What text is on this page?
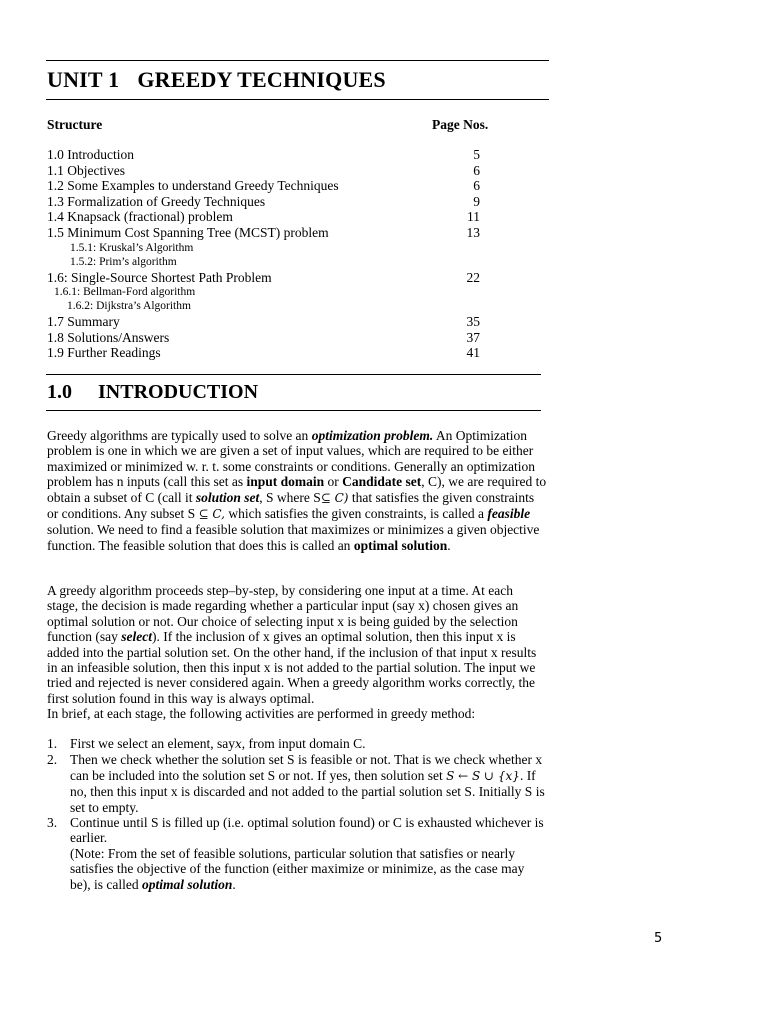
UNIT 1 GREEDY TECHNIQUES
Structure	Page Nos.
1.0 Introduction	5
1.1 Objectives	6
1.2 Some Examples to understand Greedy Techniques	6
1.3 Formalization of Greedy Techniques	9
1.4 Knapsack (fractional) problem	11
1.5 Minimum Cost Spanning Tree (MCST) problem	13
1.5.1: Kruskal’s Algorithm
1.5.2: Prim’s algorithm
1.6: Single-Source Shortest Path Problem	22
1.6.1: Bellman-Ford algorithm
1.6.2: Dijkstra’s Algorithm
1.7 Summary	35
1.8 Solutions/Answers	37
1.9 Further Readings	41
1.0 INTRODUCTION
Greedy algorithms are typically used to solve an optimization problem. An Optimization problem is one in which we are given a set of input values, which are required to be either maximized or minimized w. r. t. some constraints or conditions. Generally an optimization problem has n inputs (call this set as input domain or Candidate set, C), we are required to obtain a subset of C (call it solution set, S where S⊆ C) that satisfies the given constraints or conditions. Any subset S ⊆ C, which satisfies the given constraints, is called a feasible solution. We need to find a feasible solution that maximizes or minimizes a given objective function. The feasible solution that does this is called an optimal solution.
A greedy algorithm proceeds step–by-step, by considering one input at a time. At each stage, the decision is made regarding whether a particular input (say x) chosen gives an optimal solution or not. Our choice of selecting input x is being guided by the selection function (say select). If the inclusion of x gives an optimal solution, then this input x is added into the partial solution set. On the other hand, if the inclusion of that input x results in an infeasible solution, then this input x is not added to the partial solution. The input we tried and rejected is never considered again. When a greedy algorithm works correctly, the first solution found in this way is always optimal.
In brief, at each stage, the following activities are performed in greedy method:
1. First we select an element, sayx, from input domain C.
2. Then we check whether the solution set S is feasible or not. That is we check whether x can be included into the solution set S or not. If yes, then solution set S ← S ∪ {x}. If no, then this input x is discarded and not added to the partial solution set S. Initially S is set to empty.
3. Continue until S is filled up (i.e. optimal solution found) or C is exhausted whichever is earlier.
(Note: From the set of feasible solutions, particular solution that satisfies or nearly satisfies the objective of the function (either maximize or minimize, as the case may be), is called optimal solution.
5
